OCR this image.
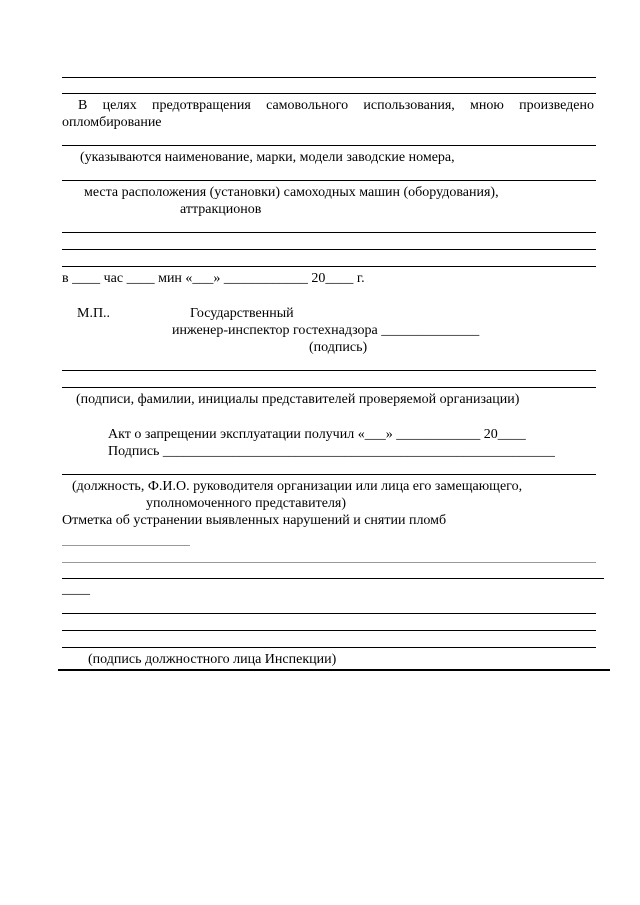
В целях предотвращения самовольного использования, мною произведено
опломбирование
(указываются наименование, марки, модели заводские номера,
места расположения (установки) самоходных машин (оборудования),
аттракционов
в ____ час ____ мин «___» ____________ 20____ г.
М.П..	Государственный
инженер-инспектор гостехнадзора ______________
(подпись)
(подписи, фамилии, инициалы представителей проверяемой организации)
Акт о запрещении эксплуатации получил «___» ____________ 20____
Подпись ________________________________________________________
(должность, Ф.И.О. руководителя организации или лица его замещающего,
уполномоченного представителя)
Отметка об устранении выявленных нарушений и снятии пломб
____
(подпись должностного лица Инспекции)
